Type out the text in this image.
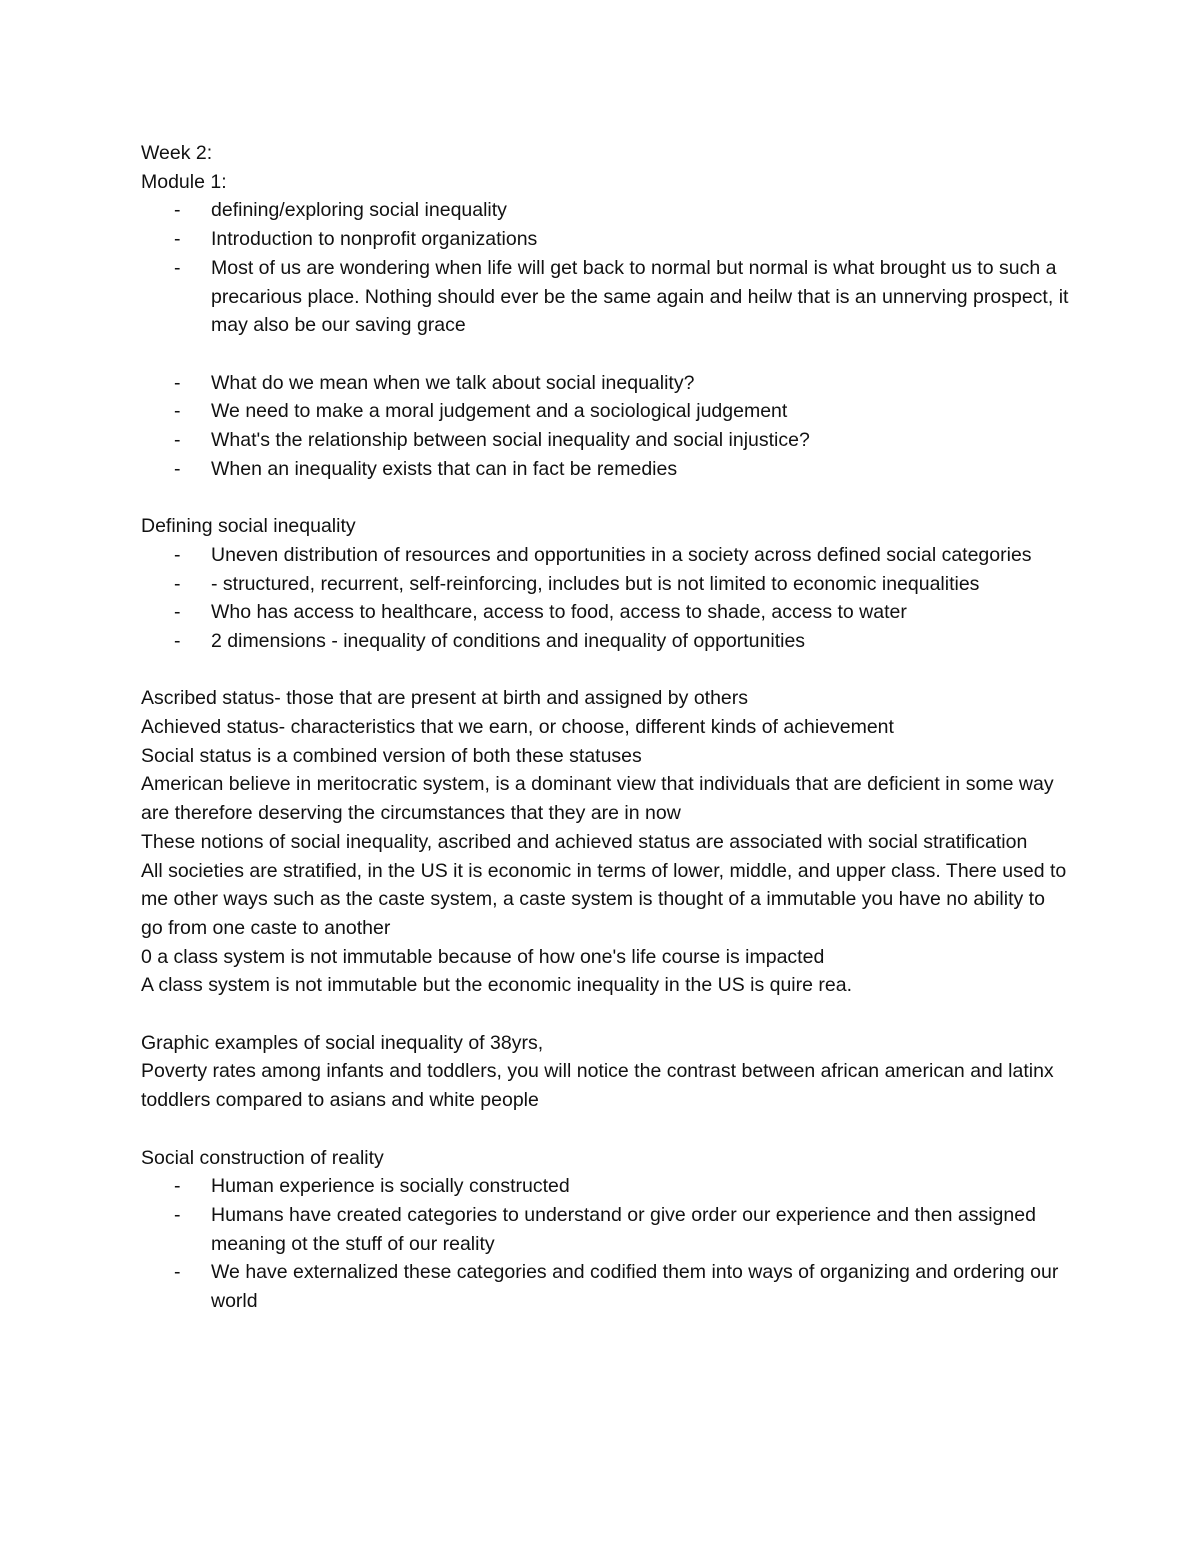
Week 2:

Module 1:

-	defining/exploring social inequality
-	Introduction to nonprofit organizations
-	Most of us are wondering when life will get back to normal but normal is what brought us to such a precarious place. Nothing should ever be the same again and heilw that is an unnerving prospect, it may also be our saving grace
-	What do we mean when we talk about social inequality?
-	We need to make a moral judgement and a sociological judgement
-	What's the relationship between social inequality and social injustice?
-	When an inequality exists that can in fact be remedies

Defining social inequality

-	Uneven distribution of resources and opportunities in a society across defined social categories
-	- structured, recurrent, self-reinforcing, includes but is not limited to economic inequalities
-	Who has access to healthcare, access to food, access to shade, access to water
-	2 dimensions - inequality of conditions and inequality of opportunities

Ascribed status- those that are present at birth and assigned by others

Achieved status- characteristics that we earn, or choose, different kinds of achievement

Social status is a combined version of both these statuses

American believe in meritocratic system, is a dominant view that individuals that are deficient in some way are therefore deserving the circumstances that they are in now

These notions of social inequality, ascribed and achieved status are associated with social stratification

All societies are stratified, in the US it is economic in terms of lower, middle, and upper class. There used to me other ways such as the caste system, a caste system is thought of a immutable you have no ability to go from one caste to another

0 a class system is not immutable because of how one's life course is impacted

A class system is not immutable but the economic inequality in the US is quire rea.

Graphic examples of social inequality of 38yrs,

Poverty rates among infants and toddlers, you will notice the contrast between african american and latinx toddlers compared to asians and white people

Social construction of reality

-	Human experience is socially constructed
-	Humans have created categories to understand or give order our experience and then assigned meaning ot the stuff of our reality
-	We have externalized these categories and codified them into ways of organizing and ordering our world
